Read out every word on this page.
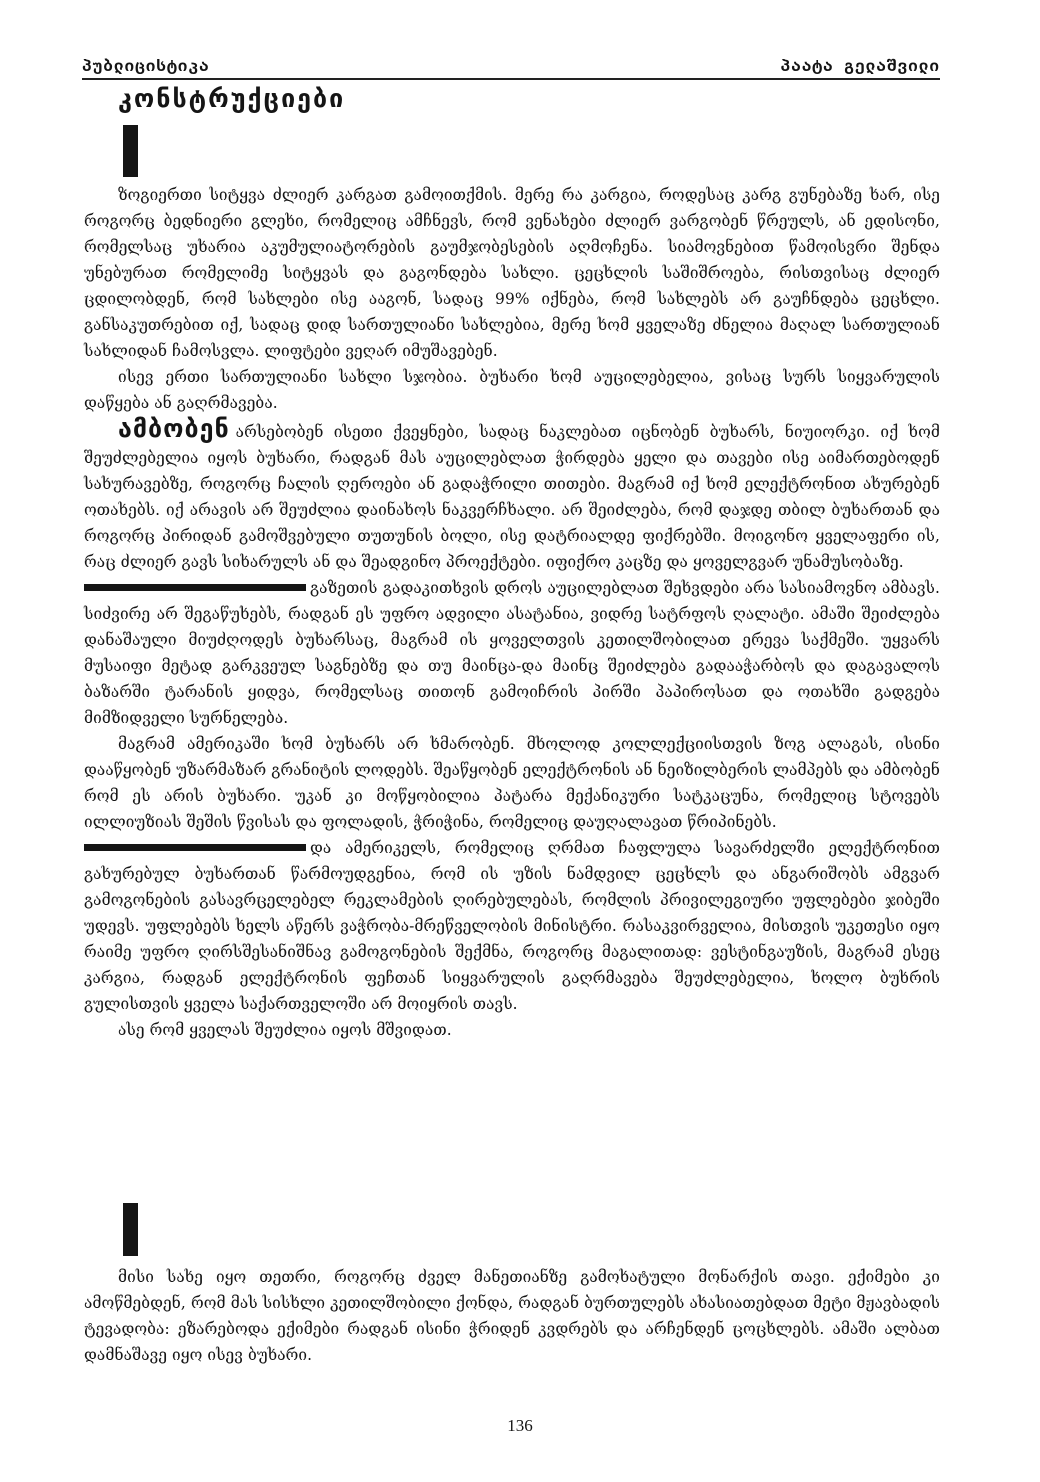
პუბლიცისტიკა	პაატა გელაშვილი
კონსტრუქციები

ზოგიერთი სიტყვა ძლიერ კარგათ გამოითქმის. მერე რა კარგია, როდესაც კარგ გუნებაზე ხარ, ისე როგორც ბედნიერი გლეხი, რომელიც ამჩნევს, რომ ვენახები ძლიერ ვარგობენ წრეულს, ან ედისონი, რომელსაც უხარია აკუმულიატორების გაუმჯობესების აღმოჩენა. სიამოვნებით წამოისვრი შენდა უნებურათ რომელიმე სიტყვას და გაგონდება სახლი. ცეცხლის საშიშროება, რისთვისაც ძლიერ ცდილობდენ, რომ სახლები ისე ააგონ, სადაც 99% იქნება, რომ სახლებს არ გაუჩნდება ცეცხლი. განსაკუთრებით იქ, სადაც დიდ სართულიანი სახლებია, მერე ხომ ყველაზე ძნელია მაღალ სართულიან სახლიდან ჩამოსვლა. ლიფტები ვეღარ იმუშავებენ.

ისევ ერთი სართულიანი სახლი სჯობია. ბუხარი ხომ აუცილებელია, ვისაც სურს სიყვარულის დაწყება ან გაღრმავება.

ამბობენ არსებობენ ისეთი ქვეყნები, სადაც ნაკლებათ იცნობენ ბუხარს, ნიუიორკი. იქ ხომ შეუძლებელია იყოს ბუხარი, რადგან მას აუცილებლათ ჭირდება ყელი და თავები ისე აიმართებოდენ სახურავებზე, როგორც ჩალის ღეროები ან გადაჭრილი თითები. მაგრამ იქ ხომ ელექტრონით ახურებენ ოთახებს. იქ არავის არ შეუძლია დაინახოს ნაკვერჩხალი. არ შეიძლება, რომ დაჯდე თბილ ბუხართან და როგორც პირიდან გამოშვებული თუთუნის ბოლი, ისე დატრიალდე ფიქრებში. მოიგონო ყველაფერი ის, რაც ძლიერ გავს სიხარულს ან და შეადგინო პროექტები. იფიქრო კაცზე და ყოველგვარ უნამუსობაზე.

გაზეთის გადაკითხვის დროს აუცილებლათ შეხვდები არა სასიამოვნო ამბავს. სიძვირე არ შეგაწუხებს, რადგან ეს უფრო ადვილი ასატანია, ვიდრე სატრფოს ღალატი. ამაში შეიძლება დანაშაული მიუძღოდეს ბუხარსაც, მაგრამ ის ყოველთვის კეთილშობილათ ერევა საქმეში. უყვარს მუსაიფი მეტად გარკვეულ საგნებზე და თუ მაინცა-და მაინც შეიძლება გადააჭარბოს და დაგავალოს ბაზარში ტარანის ყიდვა, რომელსაც თითონ გამოიჩრის პირში პაპიროსათ და ოთახში გადგება მიმზიდველი სურნელება.

მაგრამ ამერიკაში ხომ ბუხარს არ ხმარობენ. მხოლოდ კოლლექციისთვის ზოგ ალაგას, ისინი დააწყობენ უზარმაზარ გრანიტის ლოდებს. შეაწყობენ ელექტრონის ან ნეიზილბერის ლამპებს და ამბობენ რომ ეს არის ბუხარი. უკან კი მოწყობილია პატარა მექანიკური სატკაცუნა, რომელიც სტოვებს ილლიუზიას შეშის წვისას და ფოლადის, ჭრიჭინა, რომელიც დაუღალავათ წრიპინებს.

და ამერიკელს, რომელიც ღრმათ ჩაფლულა სავარძელში ელექტრონით გახურებულ ბუხართან წარმოუდგენია, რომ ის უზის ნამდვილ ცეცხლს და ანგარიშობს ამგვარ გამოგონების გასავრცელებელ რეკლამების ღირებულებას, რომლის პრივილეგიური უფლებები ჯიბეში უდევს. უფლებებს ხელს აწერს ვაჭრობა-მრეწველობის მინისტრი. რასაკვირველია, მისთვის უკეთესი იყო რაიმე უფრო ღირსშესანიშნავ გამოგონების შექმნა, როგორც მაგალითად: ვესტინგაუზის, მაგრამ ესეც კარგია, რადგან ელექტრონის ფეჩთან სიყვარულის გაღრმავება შეუძლებელია, ხოლო ბუხრის გულისთვის ყველა საქართველოში არ მოიყრის თავს.

ასე რომ ყველას შეუძლია იყოს მშვიდათ.

მისი სახე იყო თეთრი, როგორც ძველ მანეთიანზე გამოხატული მონარქის თავი. ექიმები კი ამოწმებდენ, რომ მას სისხლი კეთილშობილი ქონდა, რადგან ბურთულებს ახასიათებდათ მეტი მჟავბადის ტევადობა: ეზარებოდა ექიმები რადგან ისინი ჭრიდენ კვდრებს და არჩენდენ ცოცხლებს. ამაში ალბათ დამნაშავე იყო ისევ ბუხარი.

136
